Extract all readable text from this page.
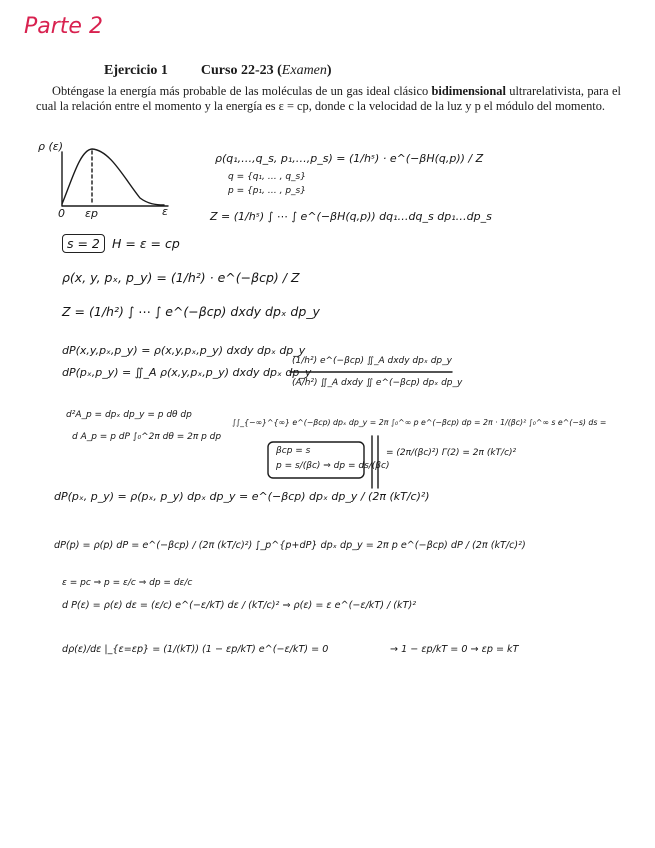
Parte 2
Ejercicio 1 Curso 22-23 (Examen)
Obténgase la energía más probable de las moléculas de un gas ideal clásico bidimensional ultrarelativista, para el cual la relación entre el momento y la energía es ε = cp, donde c la velocidad de la luz y p el módulo del momento.
ρ (ε)
0 εp	ε
ρ(q₁,…,q_s, p₁,…,p_s) = (1/hˢ) · e^(−βH(q,p)) / Z
q = {q₁, … , q_s}
p = {p₁, … , p_s}
Z = (1/hˢ) ∫ ⋯ ∫ e^(−βH(q,p)) dq₁…dq_s dp₁…dp_s
s = 2 H = ε = cp
ρ(x, y, pₓ, p_y) = (1/h²) · e^(−βcp) / Z
Z = (1/h²) ∫ ⋯ ∫ e^(−βcp) dxdy dpₓ dp_y
dP(x,y,pₓ,p_y) = ρ(x,y,pₓ,p_y) dxdy dpₓ dp_y
dP(pₓ,p_y) = ∬_A ρ(x,y,pₓ,p_y) dxdy dpₓ dp_y
(1/h²) e^(−βcp) ∬_A dxdy dpₓ dp_y
(A/h²) ∬_A dxdy ∬ e^(−βcp) dpₓ dp_y
d²A_p = dpₓ dp_y = p dθ dp
d A_p = p dP ∫₀^2π dθ = 2π p dp
∫∫_{−∞}^{∞} e^(−βcp) dpₓ dp_y = 2π ∫₀^∞ p e^(−βcp) dp = 2π · 1/(βc)² ∫₀^∞ s e^(−s) ds =
βcp = s
p = s/(βc) ⇒ dp = ds/(βc)
= (2π/(βc)²) Γ(2) = 2π (kT/c)²
dP(pₓ, p_y) = ρ(pₓ, p_y) dpₓ dp_y = e^(−βcp) dpₓ dp_y / (2π (kT/c)²)
dP(p) = ρ(p) dP = e^(−βcp) / (2π (kT/c)²) ∫_p^{p+dP} dpₓ dp_y = 2π p e^(−βcp) dP / (2π (kT/c)²)
ε = pc ⇒ p = ε/c ⇒ dp = dε/c
d P(ε) = ρ(ε) dε = (ε/c) e^(−ε/kT) dε / (kT/c)² ⇒ ρ(ε) = ε e^(−ε/kT) / (kT)²
dρ(ε)/dε |_{ε=εp} = (1/(kT)) (1 − εp/kT) e^(−ε/kT) = 0	→ 1 − εp/kT = 0 → εp = kT
